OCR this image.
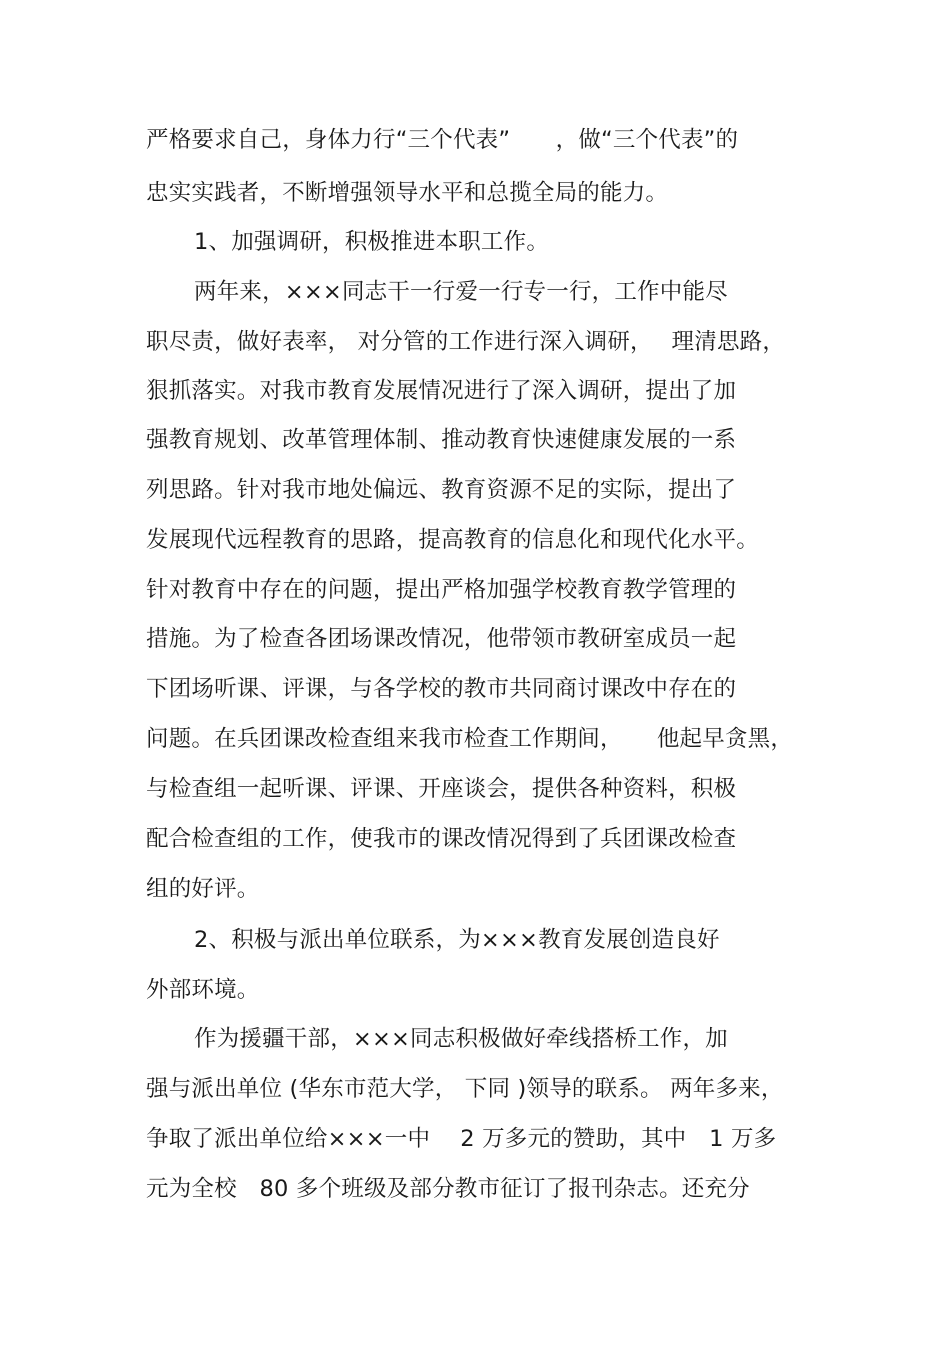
严格要求自己，身体力行“三个代表”　　，做“三个代表”的
忠实实践者，不断增强领导水平和总揽全局的能力。
1、加强调研，积极推进本职工作。
两年来，×××同志干一行爱一行专一行，工作中能尽
职尽责，做好表率， 对分管的工作进行深入调研，　 理清思路，
狠抓落实。对我市教育发展情况进行了深入调研，提出了加
强教育规划、改革管理体制、推动教育快速健康发展的一系
列思路。针对我市地处偏远、教育资源不足的实际，提出了
发展现代远程教育的思路，提高教育的信息化和现代化水平。
针对教育中存在的问题，提出严格加强学校教育教学管理的
措施。为了检查各团场课改情况，他带领市教研室成员一起
下团场听课、评课，与各学校的教市共同商讨课改中存在的
问题。在兵团课改检查组来我市检查工作期间，　　他起早贪黑，
与检查组一起听课、评课、开座谈会，提供各种资料，积极
配合检查组的工作，使我市的课改情况得到了兵团课改检查
组的好评。
2、积极与派出单位联系，为×××教育发展创造良好
外部环境。
作为援疆干部，×××同志积极做好牵线搭桥工作，加
强与派出单位 (华东市范大学， 下同 )领导的联系。 两年多来，
争取了派出单位给×××一中　 2 万多元的赞助，其中　1 万多
元为全校　80 多个班级及部分教市征订了报刊杂志。还充分
